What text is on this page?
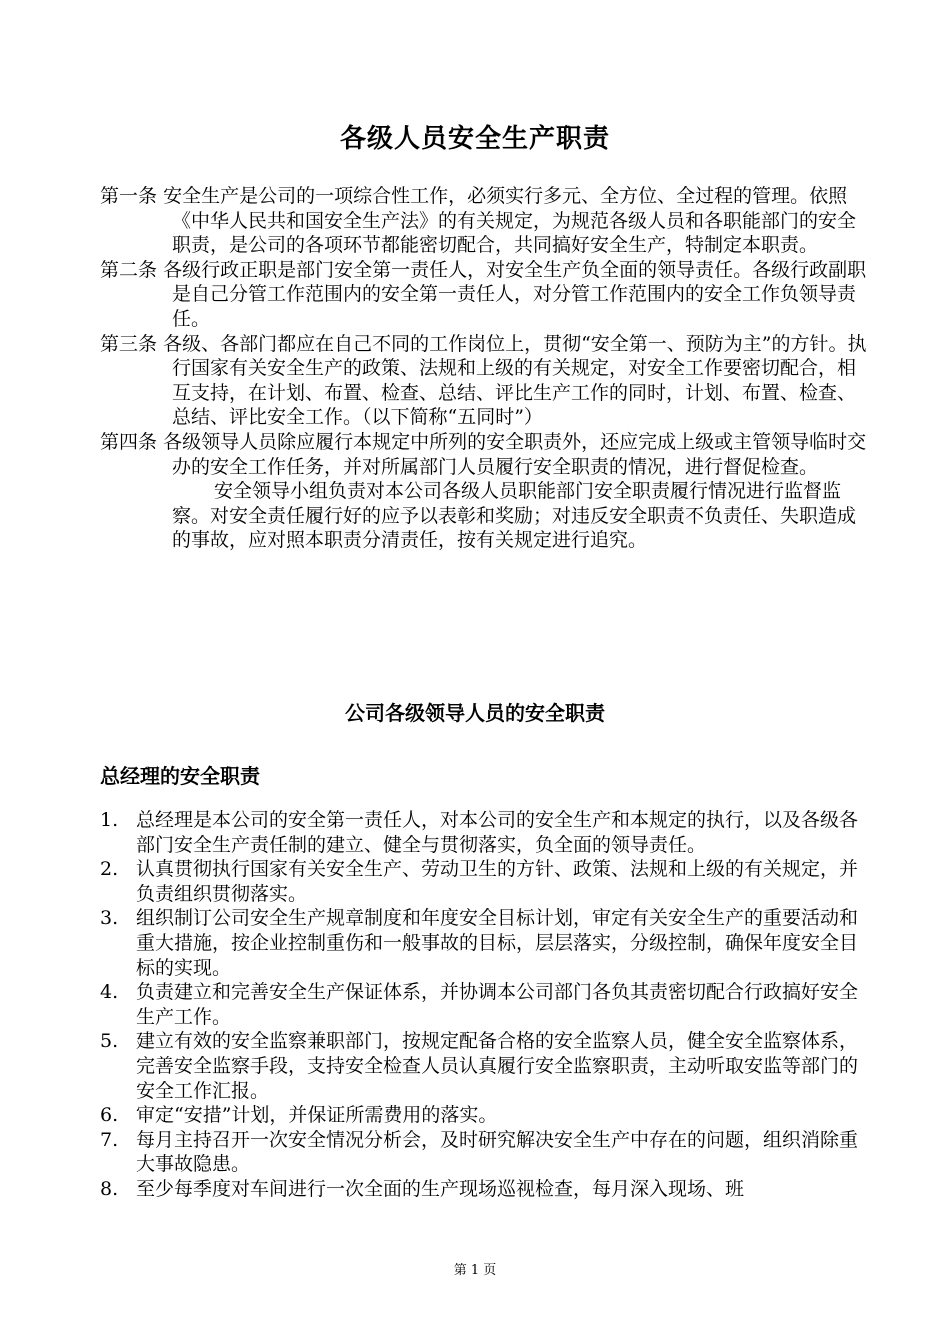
各级人员安全生产职责

第一条 安全生产是公司的一项综合性工作，必须实行多元、全方位、全过程的管理。依照《中华人民共和国安全生产法》的有关规定，为规范各级人员和各职能部门的安全职责，是公司的各项环节都能密切配合，共同搞好安全生产，特制定本职责。

第二条 各级行政正职是部门安全第一责任人，对安全生产负全面的领导责任。各级行政副职是自己分管工作范围内的安全第一责任人，对分管工作范围内的安全工作负领导责任。

第三条 各级、各部门都应在自己不同的工作岗位上，贯彻“安全第一、预防为主”的方针。执行国家有关安全生产的政策、法规和上级的有关规定，对安全工作要密切配合，相互支持，在计划、布置、检查、总结、评比生产工作的同时，计划、布置、检查、总结、评比安全工作。（以下简称“五同时”）

第四条 各级领导人员除应履行本规定中所列的安全职责外，还应完成上级或主管领导临时交办的安全工作任务，并对所属部门人员履行安全职责的情况，进行督促检查。

安全领导小组负责对本公司各级人员职能部门安全职责履行情况进行监督监察。对安全责任履行好的应予以表彰和奖励；对违反安全职责不负责任、失职造成的事故，应对照本职责分清责任，按有关规定进行追究。

公司各级领导人员的安全职责
总经理的安全职责
1. 总经理是本公司的安全第一责任人，对本公司的安全生产和本规定的执行，以及各级各部门安全生产责任制的建立、健全与贯彻落实，负全面的领导责任。
2. 认真贯彻执行国家有关安全生产、劳动卫生的方针、政策、法规和上级的有关规定，并负责组织贯彻落实。
3. 组织制订公司安全生产规章制度和年度安全目标计划，审定有关安全生产的重要活动和重大措施，按企业控制重伤和一般事故的目标，层层落实，分级控制，确保年度安全目标的实现。
4. 负责建立和完善安全生产保证体系，并协调本公司部门各负其责密切配合行政搞好安全生产工作。
5. 建立有效的安全监察兼职部门，按规定配备合格的安全监察人员，健全安全监察体系，完善安全监察手段，支持安全检查人员认真履行安全监察职责，主动听取安监等部门的安全工作汇报。
6. 审定“安措”计划，并保证所需费用的落实。
7. 每月主持召开一次安全情况分析会，及时研究解决安全生产中存在的问题，组织消除重大事故隐患。
8. 至少每季度对车间进行一次全面的生产现场巡视检查，每月深入现场、班
第 1 页
